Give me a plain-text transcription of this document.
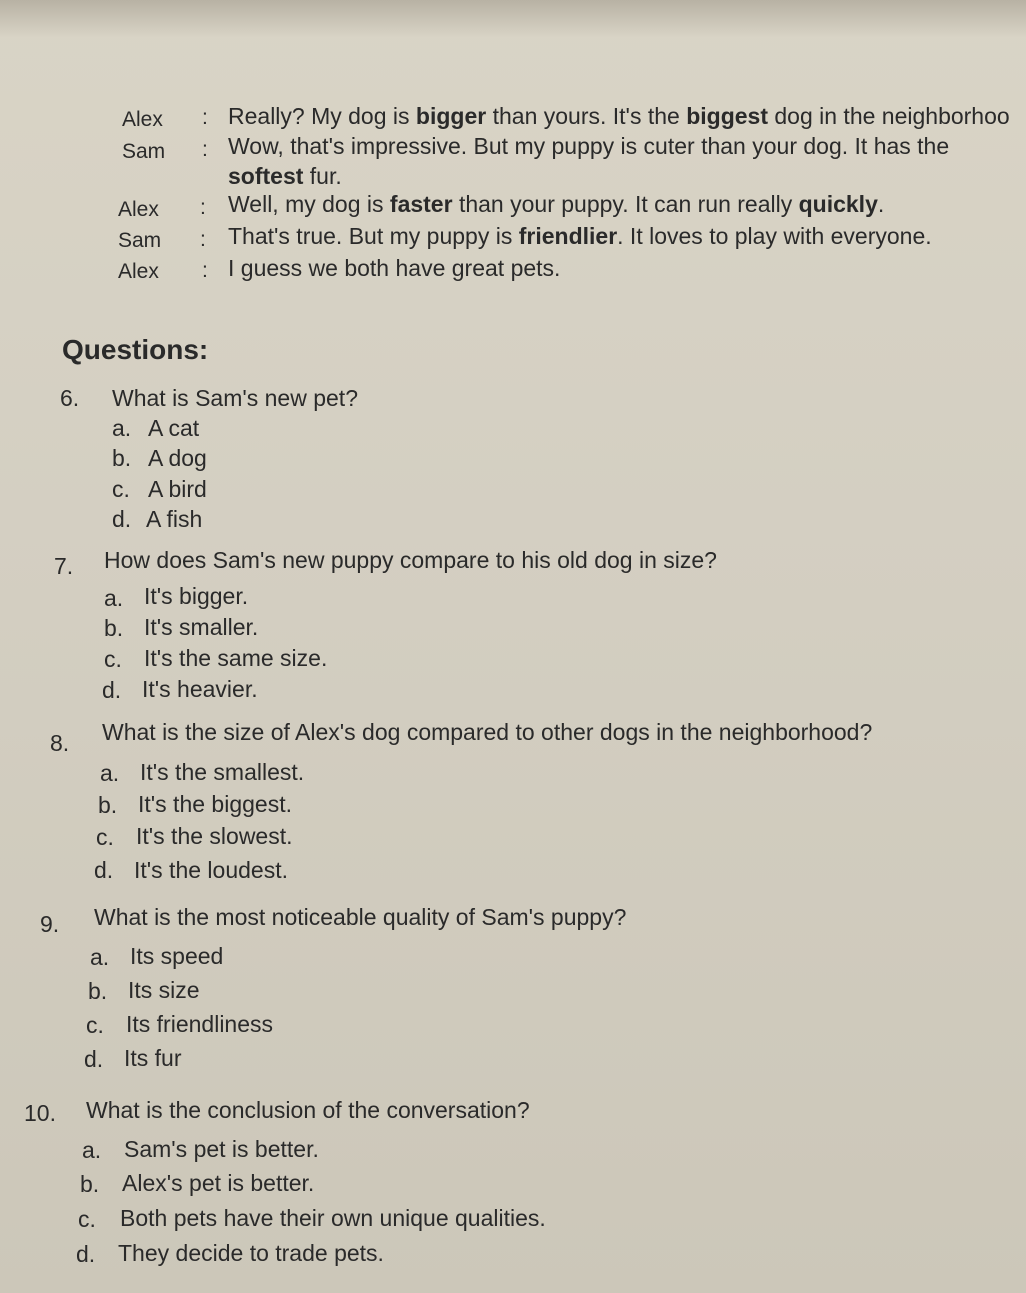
Alex : Really? My dog is bigger than yours. It's the biggest dog in the neighborhoo
Sam : Wow, that's impressive. But my puppy is cuter than your dog. It has the
softest fur.
Alex : Well, my dog is faster than your puppy. It can run really quickly.
Sam : That's true. But my puppy is friendlier. It loves to play with everyone.
Alex : I guess we both have great pets.
Questions:
6. What is Sam's new pet?
a. A cat
b. A dog
c. A bird
d. A fish
7. How does Sam's new puppy compare to his old dog in size?
a. It's bigger.
b. It's smaller.
c. It's the same size.
d. It's heavier.
8. What is the size of Alex's dog compared to other dogs in the neighborhood?
a. It's the smallest.
b. It's the biggest.
c. It's the slowest.
d. It's the loudest.
9. What is the most noticeable quality of Sam's puppy?
a. Its speed
b. Its size
c. Its friendliness
d. Its fur
10. What is the conclusion of the conversation?
a. Sam's pet is better.
b. Alex's pet is better.
c. Both pets have their own unique qualities.
d. They decide to trade pets.
